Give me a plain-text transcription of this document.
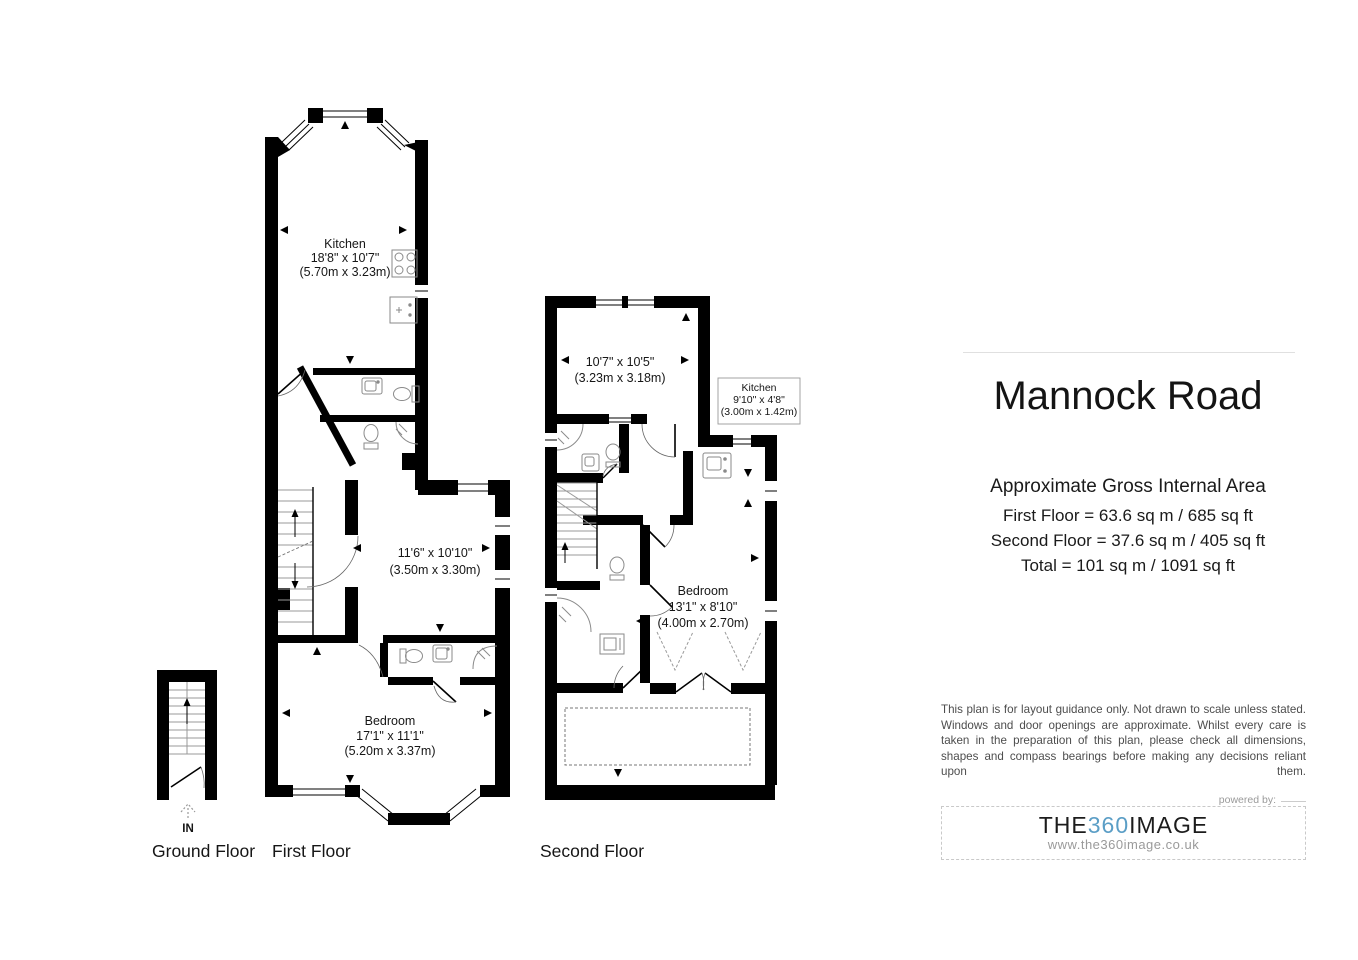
IN
Kitchen
18'8" x 10'7"
(5.70m x 3.23m)
11'6" x 10'10"
(3.50m x 3.30m)
Bedroom
17'1" x 11'1"
(5.20m x 3.37m)
Kitchen
9'10" x 4'8"
(3.00m x 1.42m)
10'7" x 10'5"
(3.23m x 3.18m)
Bedroom
13'1" x 8'10"
(4.00m x 2.70m)
Ground Floor First Floor	Second Floor
Mannock Road
Approximate Gross Internal Area
First Floor = 63.6 sq m / 685 sq ft
Second Floor = 37.6 sq m / 405 sq ft
Total = 101 sq m / 1091 sq ft
This plan is for layout guidance only. Not drawn to scale unless stated. Windows and door openings are approximate. Whilst every care is taken in the preparation of this plan, please check all dimensions, shapes and compass bearings before making any decisions reliant upon them.
powered by:
THE360IMAGE
www.the360image.co.uk
